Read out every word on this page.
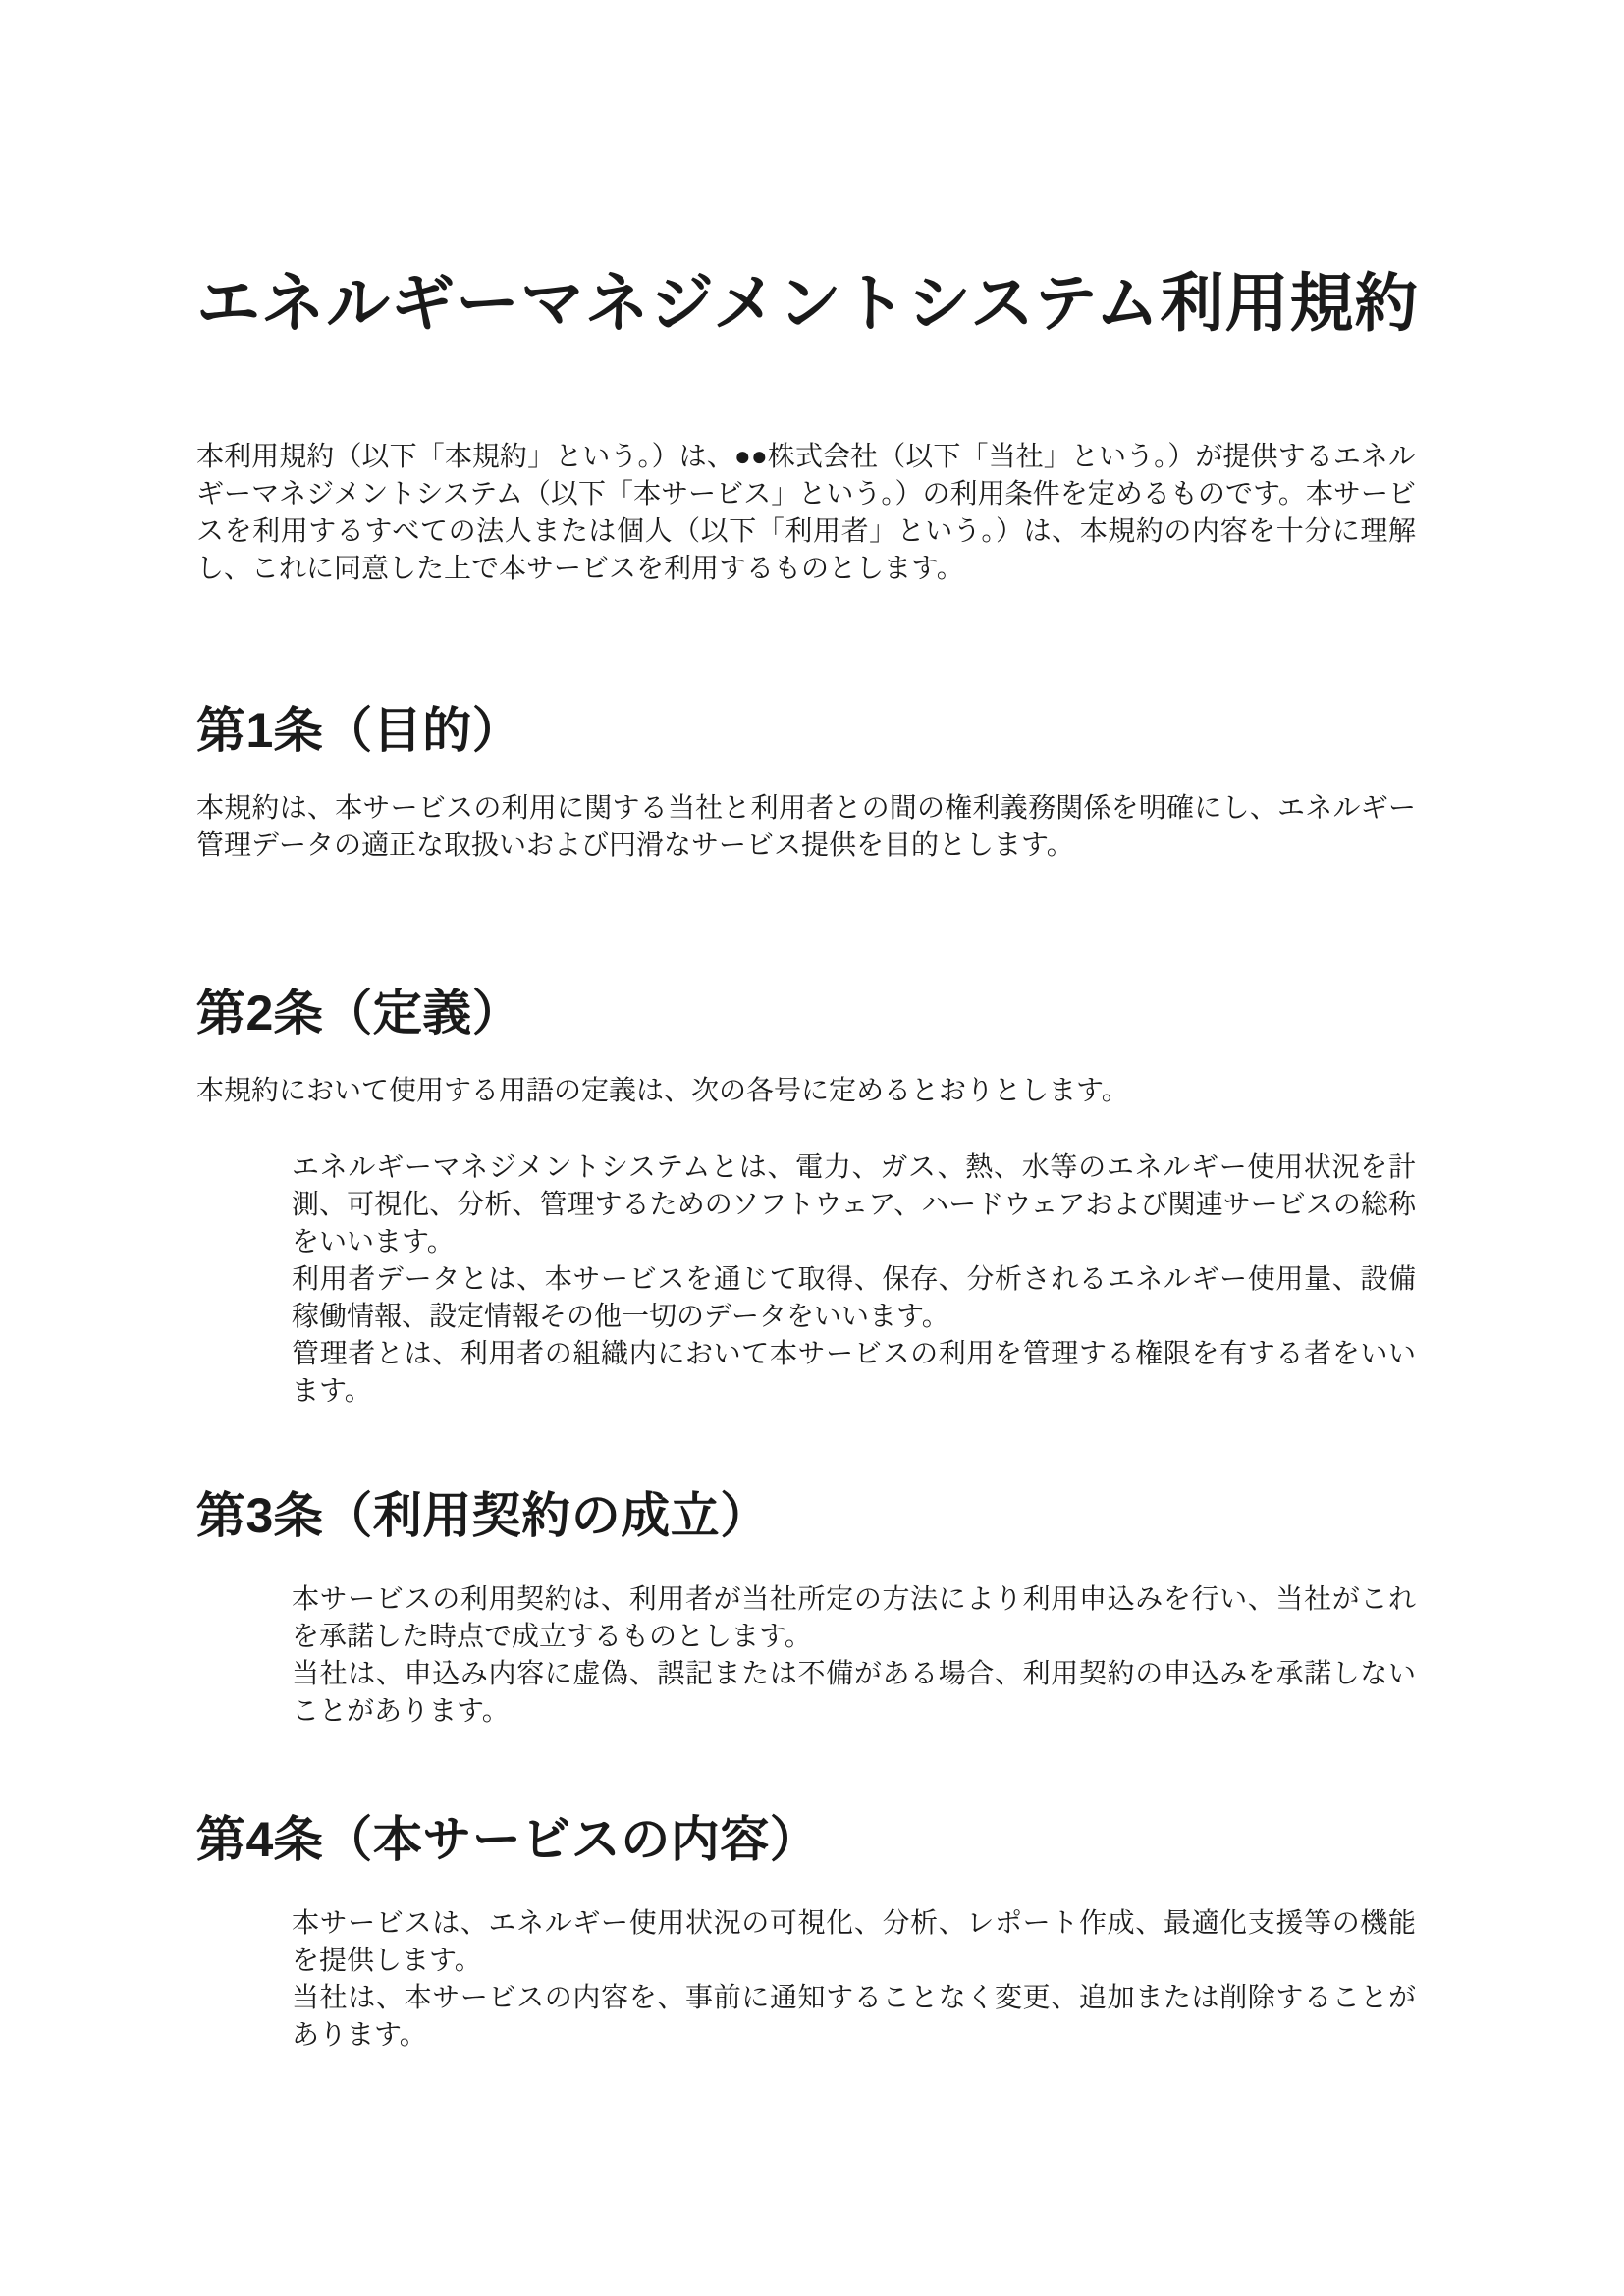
エネルギーマネジメントシステム利用規約

本利用規約（以下「本規約」という。）は、●●株式会社（以下「当社」という。）が提供するエネルギーマネジメントシステム（以下「本サービス」という。）の利用条件を定めるものです。本サービスを利用するすべての法人または個人（以下「利用者」という。）は、本規約の内容を十分に理解し、これに同意した上で本サービスを利用するものとします。

第1条（目的）

本規約は、本サービスの利用に関する当社と利用者との間の権利義務関係を明確にし、エネルギー管理データの適正な取扱いおよび円滑なサービス提供を目的とします。

第2条（定義）

本規約において使用する用語の定義は、次の各号に定めるとおりとします。

エネルギーマネジメントシステムとは、電力、ガス、熱、水等のエネルギー使用状況を計測、可視化、分析、管理するためのソフトウェア、ハードウェアおよび関連サービスの総称をいいます。

利用者データとは、本サービスを通じて取得、保存、分析されるエネルギー使用量、設備稼働情報、設定情報その他一切のデータをいいます。

管理者とは、利用者の組織内において本サービスの利用を管理する権限を有する者をいいます。

第3条（利用契約の成立）

本サービスの利用契約は、利用者が当社所定の方法により利用申込みを行い、当社がこれを承諾した時点で成立するものとします。

当社は、申込み内容に虚偽、誤記または不備がある場合、利用契約の申込みを承諾しないことがあります。

第4条（本サービスの内容）

本サービスは、エネルギー使用状況の可視化、分析、レポート作成、最適化支援等の機能を提供します。

当社は、本サービスの内容を、事前に通知することなく変更、追加または削除することがあります。
